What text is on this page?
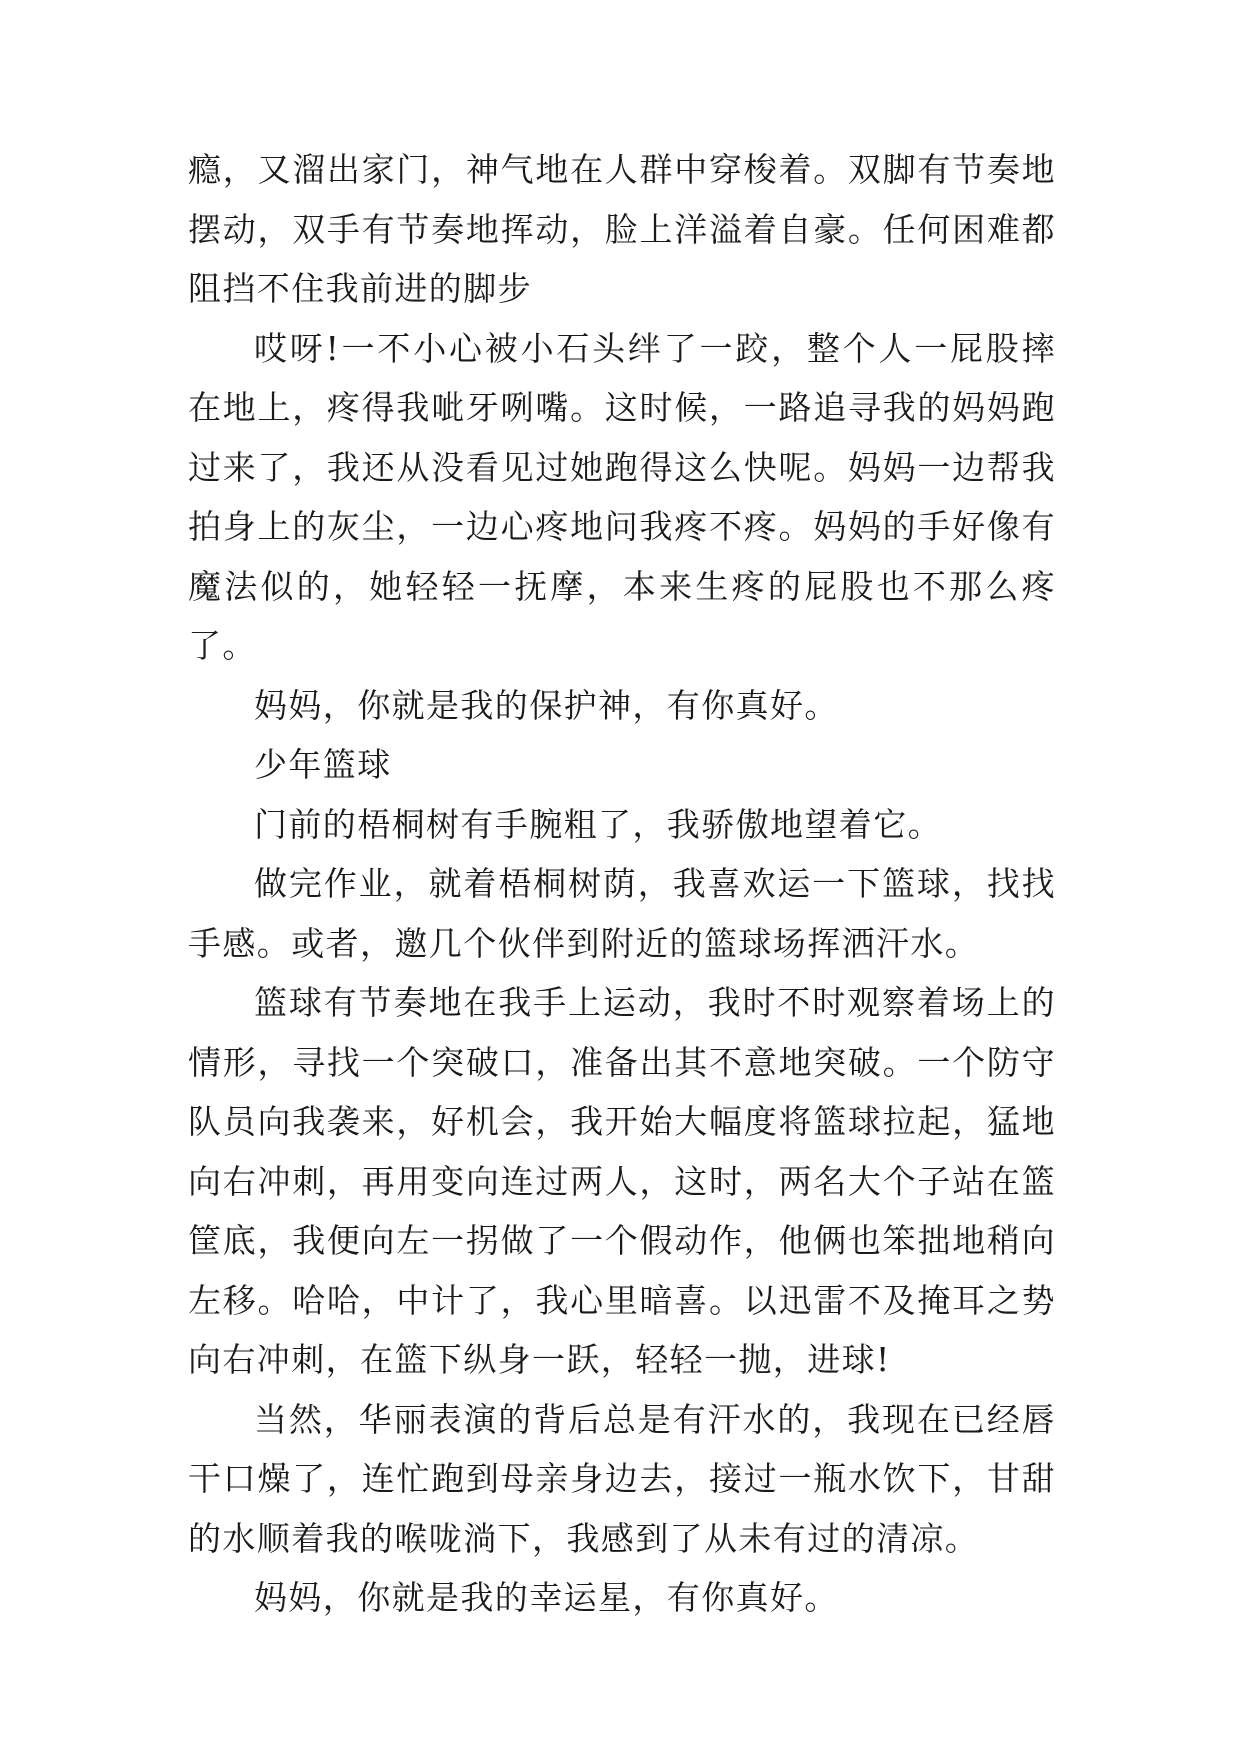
瘾，又溜出家门，神气地在人群中穿梭着。双脚有节奏地摆动，双手有节奏地挥动，脸上洋溢着自豪。任何困难都阻挡不住我前进的脚步

哎呀!一不小心被小石头绊了一跤，整个人一屁股摔在地上，疼得我呲牙咧嘴。这时候，一路追寻我的妈妈跑过来了，我还从没看见过她跑得这么快呢。妈妈一边帮我拍身上的灰尘，一边心疼地问我疼不疼。妈妈的手好像有魔法似的，她轻轻一抚摩，本来生疼的屁股也不那么疼了。

妈妈，你就是我的保护神，有你真好。

少年篮球

门前的梧桐树有手腕粗了，我骄傲地望着它。

做完作业，就着梧桐树荫，我喜欢运一下篮球，找找手感。或者，邀几个伙伴到附近的篮球场挥洒汗水。

篮球有节奏地在我手上运动，我时不时观察着场上的情形，寻找一个突破口，准备出其不意地突破。一个防守队员向我袭来，好机会，我开始大幅度将篮球拉起，猛地向右冲刺，再用变向连过两人，这时，两名大个子站在篮筐底，我便向左一拐做了一个假动作，他俩也笨拙地稍向左移。哈哈，中计了，我心里暗喜。以迅雷不及掩耳之势向右冲刺，在篮下纵身一跃，轻轻一抛，进球!

当然，华丽表演的背后总是有汗水的，我现在已经唇干口燥了，连忙跑到母亲身边去，接过一瓶水饮下，甘甜的水顺着我的喉咙淌下，我感到了从未有过的清凉。

妈妈，你就是我的幸运星，有你真好。
